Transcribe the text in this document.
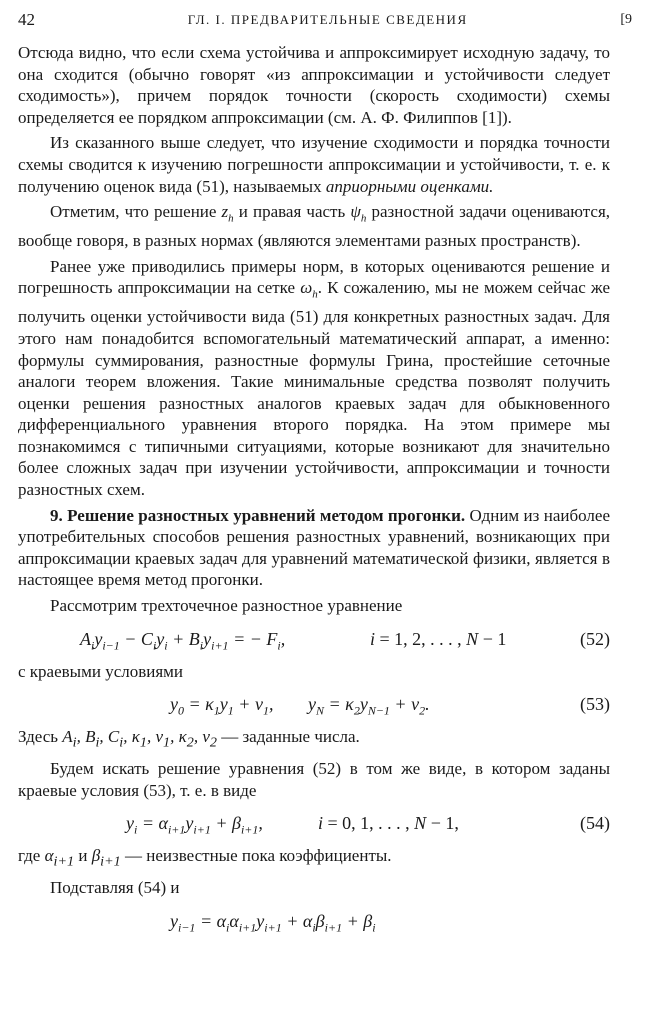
42	ГЛ. I. ПРЕДВАРИТЕЛЬНЫЕ СВЕДЕНИЯ	[9

Отсюда видно, что если схема устойчива и аппроксимирует исходную задачу, то она сходится (обычно говорят «из аппроксимации и устойчивости следует сходимость»), причем порядок точности (скорость сходимости) схемы определяется ее порядком аппроксимации (см. А. Ф. Филиппов [1]).

Из сказанного выше следует, что изучение сходимости и порядка точности схемы сводится к изучению погрешности аппроксимации и устойчивости, т. е. к получению оценок вида (51), называемых априорными оценками.

Отметим, что решение $z_h$ и правая часть $\psi_h$ разностной задачи оцениваются, вообще говоря, в разных нормах (являются элементами разных пространств).

Ранее уже приводились примеры норм, в которых оцениваются решение и погрешность аппроксимации на сетке $\omega_h$. К сожалению, мы не можем сейчас же получить оценки устойчивости вида (51) для конкретных разностных задач. Для этого нам понадобится вспомогательный математический аппарат, а именно: формулы суммирования, разностные формулы Грина, простейшие сеточные аналоги теорем вложения. Такие минимальные средства позволят получить оценки решения разностных аналогов краевых задач для обыкновенного дифференциального уравнения второго порядка. На этом примере мы познакомимся с типичными ситуациями, которые возникают для значительно более сложных задач при изучении устойчивости, аппроксимации и точности разностных схем.

9. Решение разностных уравнений методом прогонки. Одним из наиболее употребительных способов решения разностных уравнений, возникающих при аппроксимации краевых задач для уравнений математической физики, является в настоящее время метод прогонки.

Рассмотрим трехточечное разностное уравнение

$A_iy_{i-1} - C_iy_i + B_iy_{i+1}$ = − $F_i$,	i = 1, 2, . . . , N − 1	(52)

с краевыми условиями

$y_0 = \kappa_1y_1 + \nu_1$, $y_N = \kappa_2y_{N-1} + \nu_2$.	(53)

Здесь $A_i$, $B_i$, $C_i$, $\kappa_1$, $\nu_1$, $\kappa_2$, $\nu_2$ — заданные числа.

Будем искать решение уравнения (52) в том же виде, в котором заданы краевые условия (53), т. е. в виде

$y_i = \alpha_{i+1}y_{i+1} + \beta_{i+1}$,	i = 0, 1, . . . , N − 1,	(54)

где $\alpha_{i+1}$ и $\beta_{i+1}$ — неизвестные пока коэффициенты.

Подставляя (54) и

$y_{i-1} = \alpha_i\alpha_{i+1}y_{i+1} + \alpha_i\beta_{i+1} + \beta_i$
